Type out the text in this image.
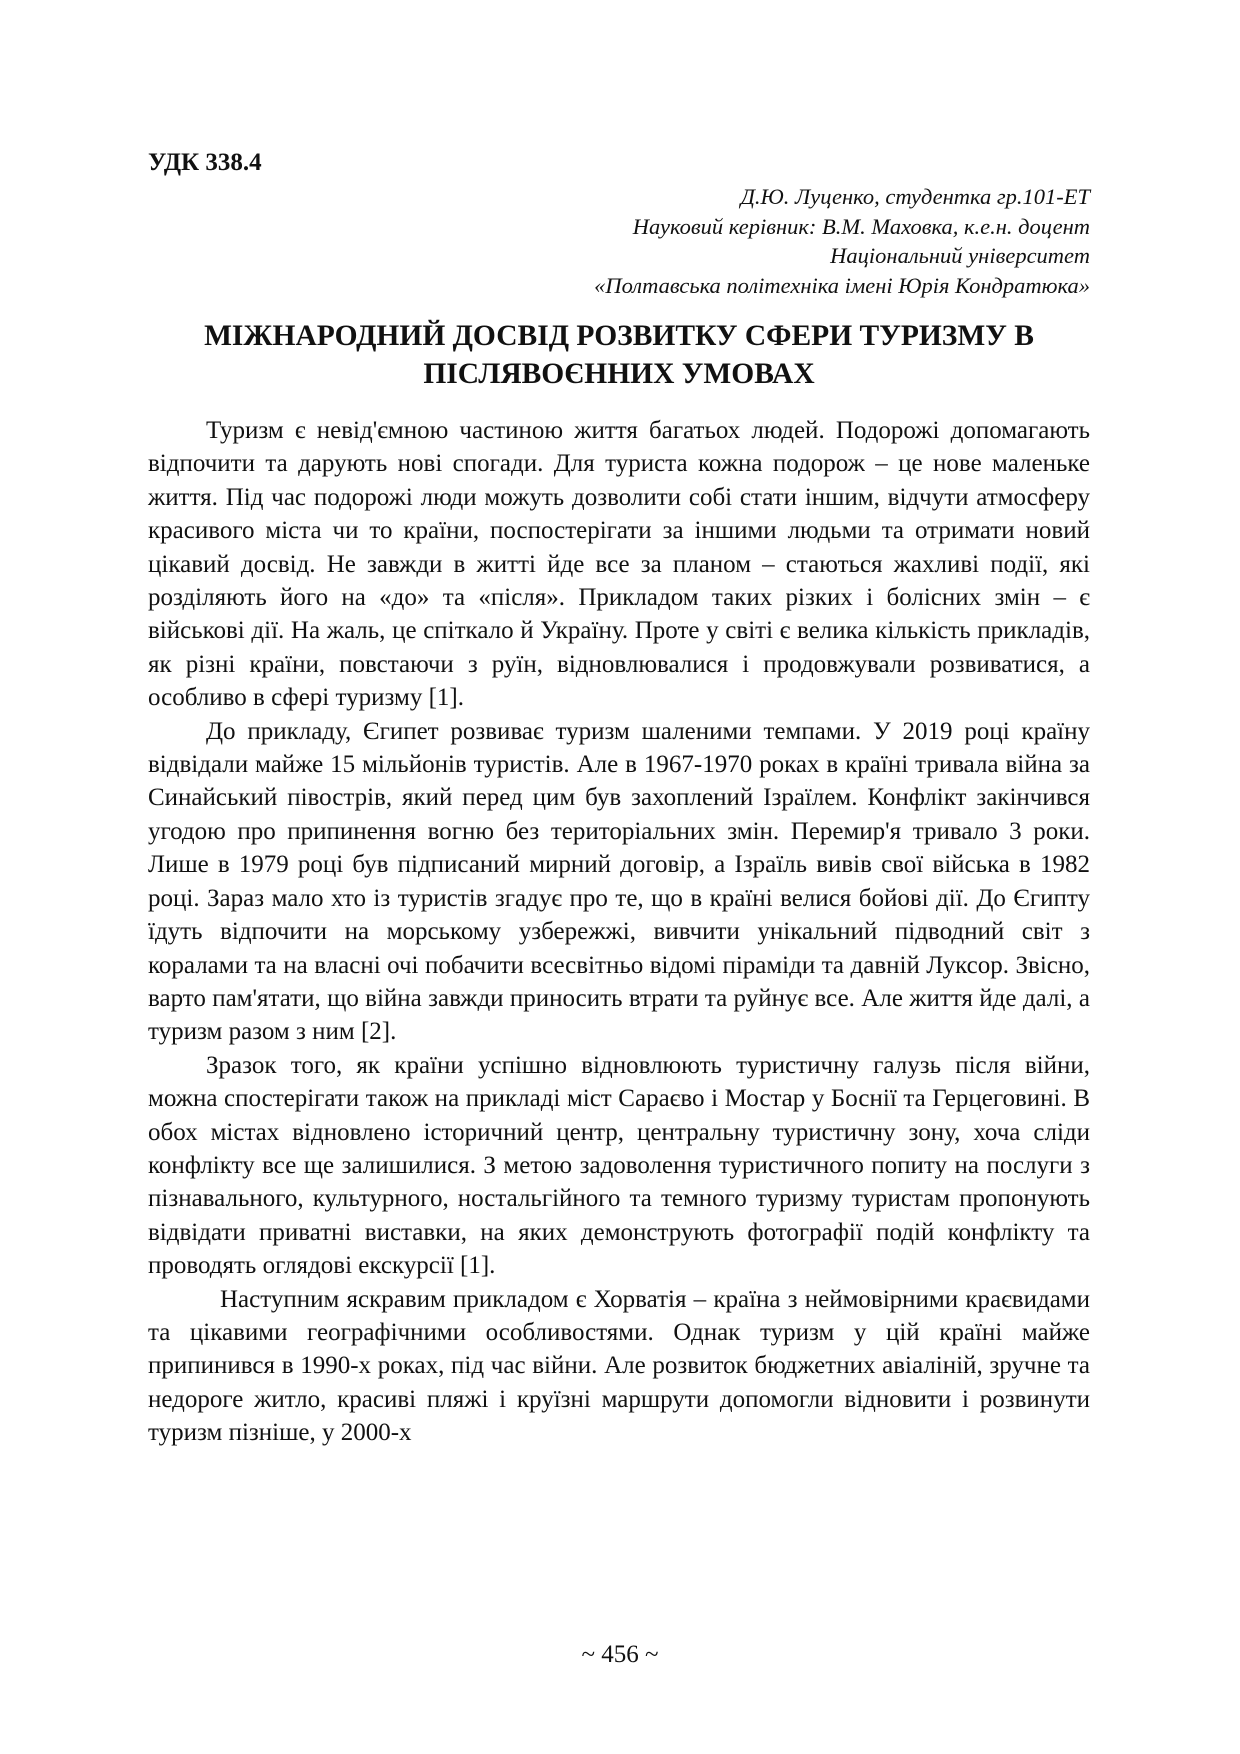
УДК 338.4
Д.Ю. Луценко, студентка гр.101-ЕТ
Науковий керівник: В.М. Маховка, к.е.н. доцент
Національний університет
«Полтавська політехніка імені Юрія Кондратюка»
МІЖНАРОДНИЙ ДОСВІД РОЗВИТКУ СФЕРИ ТУРИЗМУ В
ПІСЛЯВОЄННИХ УМОВАХ

Туризм є невід'ємною частиною життя багатьох людей. Подорожі допомагають відпочити та дарують нові спогади. Для туриста кожна подорож – це нове маленьке життя. Під час подорожі люди можуть дозволити собі стати іншим, відчути атмосферу красивого міста чи то країни, поспостерігати за іншими людьми та отримати новий цікавий досвід. Не завжди в житті йде все за планом – стаються жахливі події, які розділяють його на «до» та «після». Прикладом таких різких і болісних змін – є військові дії. На жаль, це спіткало й Україну. Проте у світі є велика кількість прикладів, як різні країни, повстаючи з руїн, відновлювалися і продовжували розвиватися, а особливо в сфері туризму [1].

До прикладу, Єгипет розвиває туризм шаленими темпами. У 2019 році країну відвідали майже 15 мільйонів туристів. Але в 1967-1970 роках в країні тривала війна за Синайський півострів, який перед цим був захоплений Ізраїлем. Конфлікт закінчився угодою про припинення вогню без територіальних змін. Перемир'я тривало 3 роки. Лише в 1979 році був підписаний мирний договір, а Ізраїль вивів свої війська в 1982 році. Зараз мало хто із туристів згадує про те, що в країні велися бойові дії. До Єгипту їдуть відпочити на морському узбережжі, вивчити унікальний підводний світ з коралами та на власні очі побачити всесвітньо відомі піраміди та давній Луксор. Звісно, варто пам'ятати, що війна завжди приносить втрати та руйнує все. Але життя йде далі, а туризм разом з ним [2].

Зразок того, як країни успішно відновлюють туристичну галузь після війни, можна спостерігати також на прикладі міст Сараєво і Мостар у Боснії та Герцеговині. В обох містах відновлено історичний центр, центральну туристичну зону, хоча сліди конфлікту все ще залишилися. З метою задоволення туристичного попиту на послуги з пізнавального, культурного, ностальгійного та темного туризму туристам пропонують відвідати приватні виставки, на яких демонструють фотографії подій конфлікту та проводять оглядові екскурсії [1].

Наступним яскравим прикладом є Хорватія – країна з неймовірними краєвидами та цікавими географічними особливостями. Однак туризм у цій країні майже припинився в 1990-х роках, під час війни. Але розвиток бюджетних авіаліній, зручне та недороге житло, красиві пляжі і круїзні маршрути допомогли відновити і розвинути туризм пізніше, у 2000-х

~ 456 ~
